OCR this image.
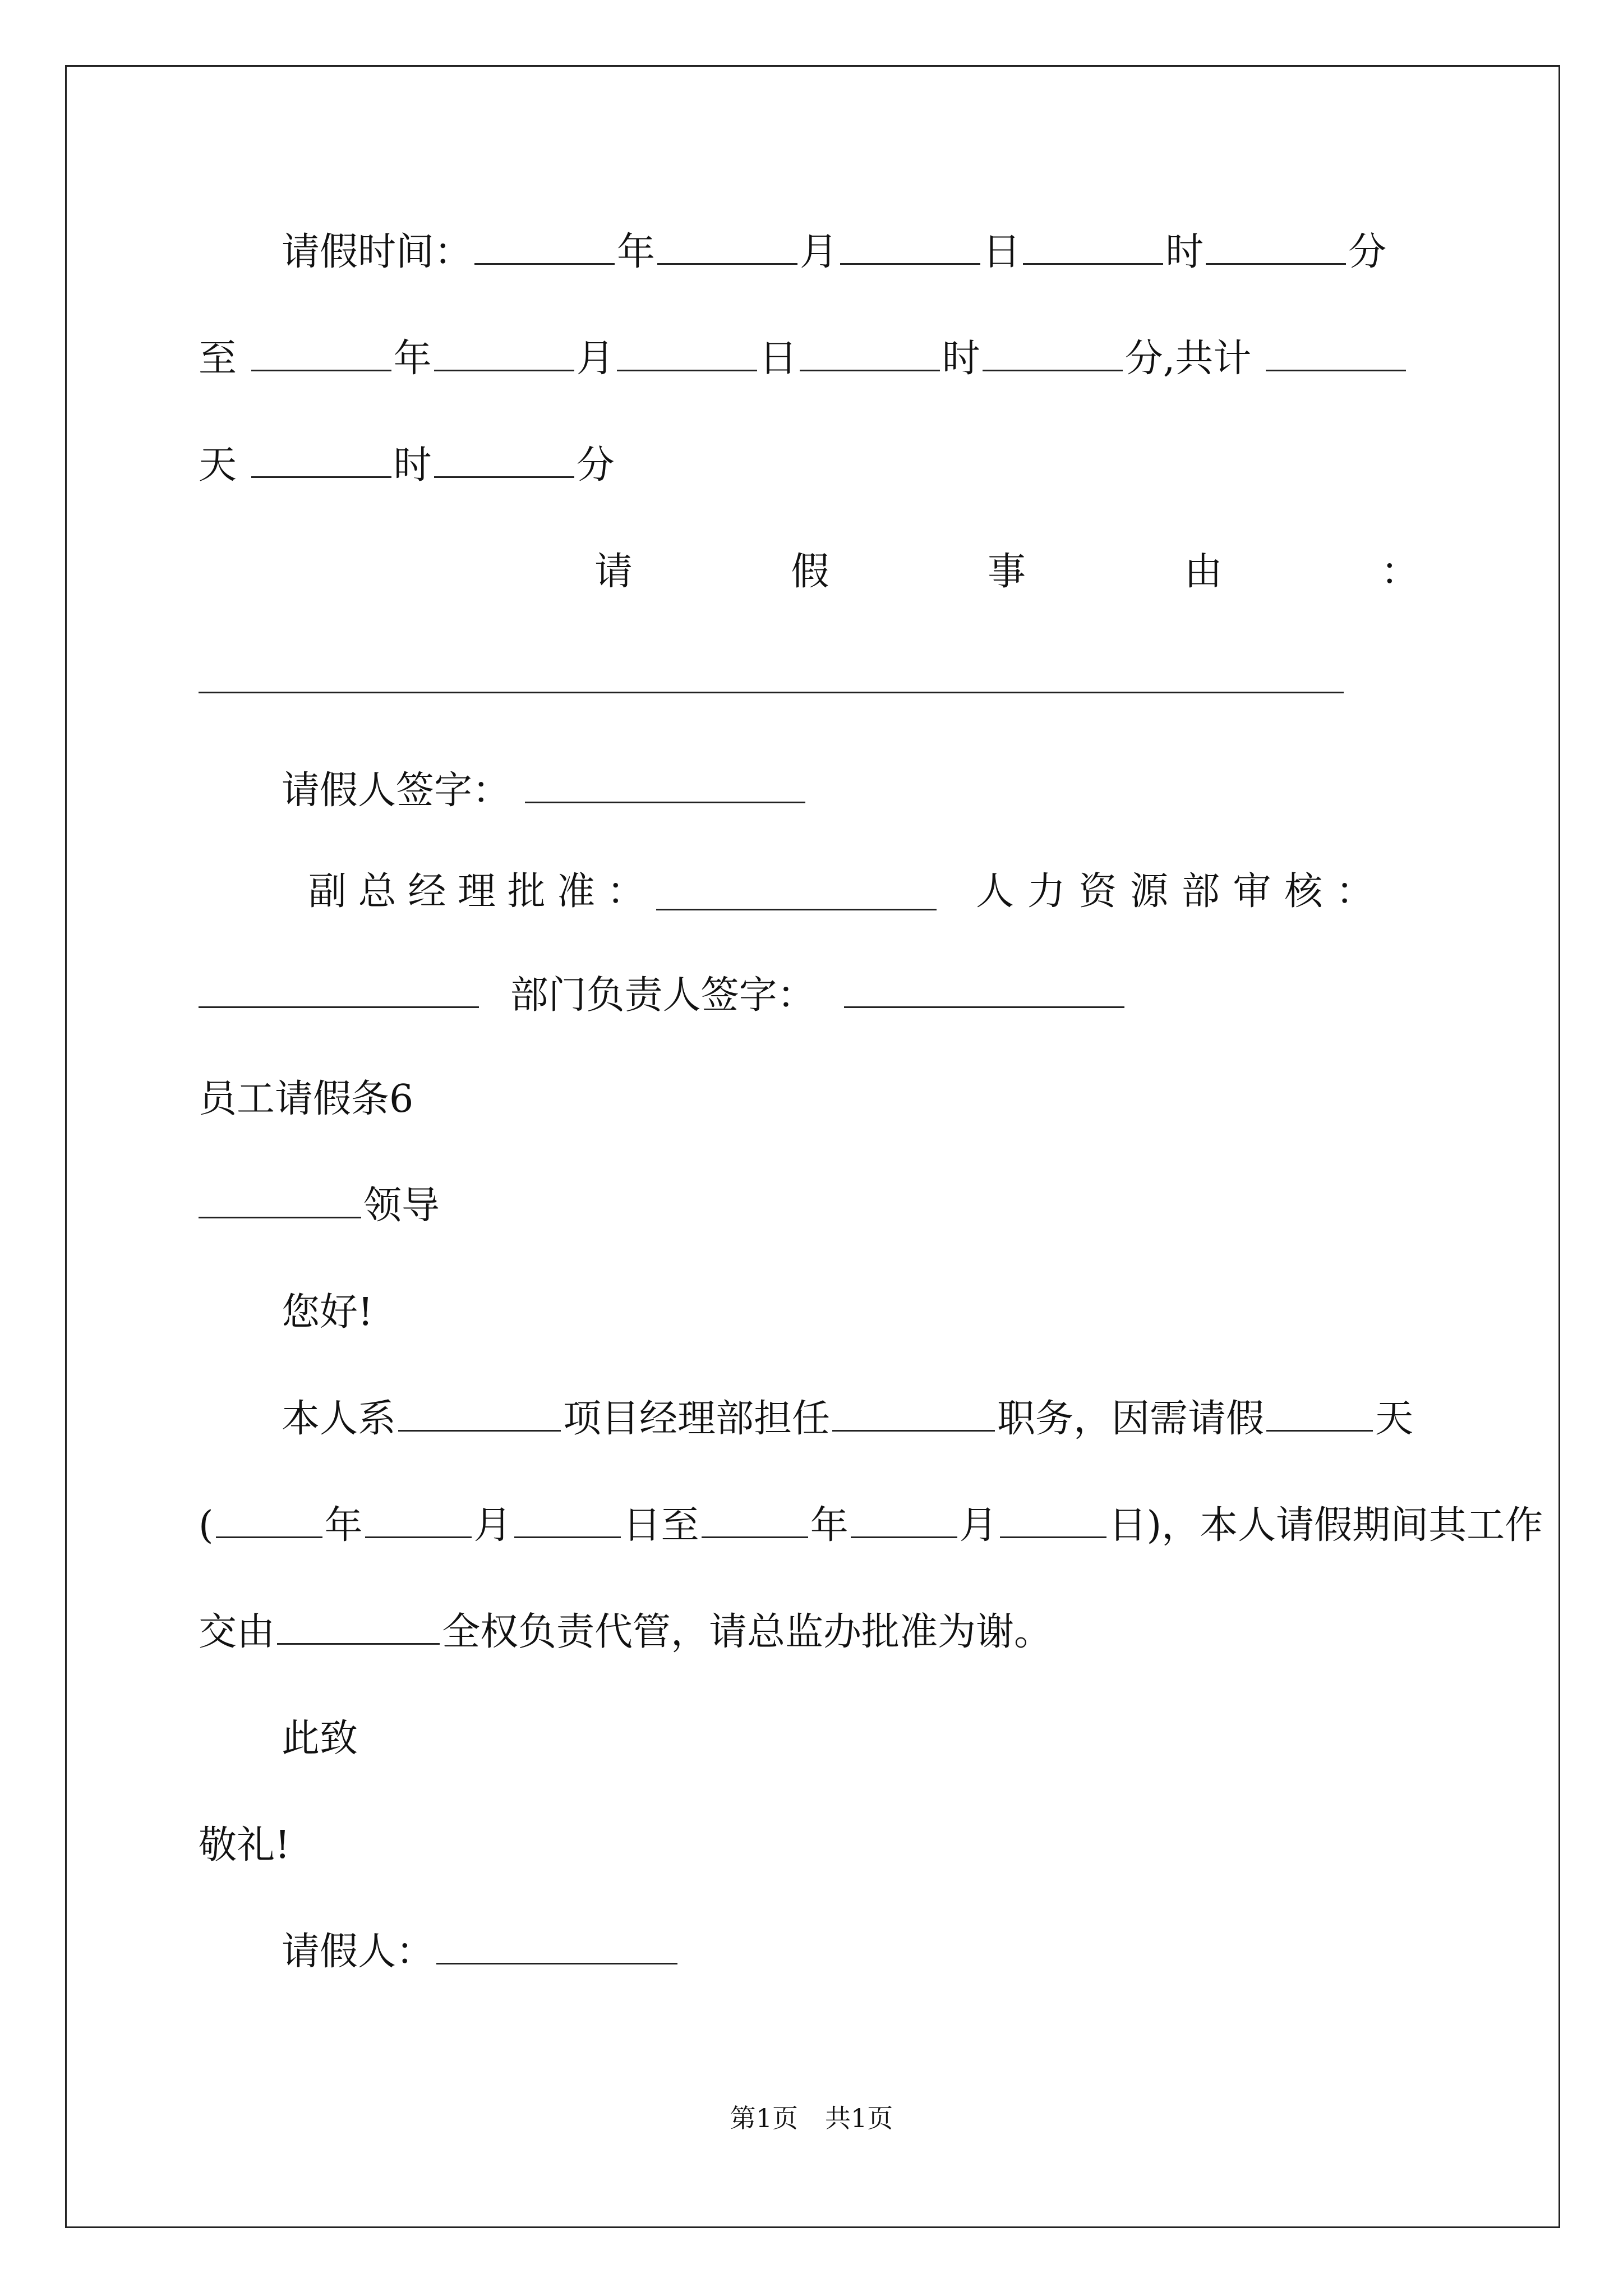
请假时间：	年	月	日	时	分
至	年	月	日	时	分,共计
天	时	分
请	假	事	由	：
请假人签字：
副 总 经 理 批 准 ：	人 力 资 源 部 审 核 ：
部门负责人签字：
员工请假条6
领导
您好!
本人系	项目经理部担任	职务，因需请假	天
(	年	月	日至	年	月	日)，本人请假期间其工作
交由	全权负责代管，请总监办批准为谢。
此致
敬礼!
请假人：
第1页 共1页
